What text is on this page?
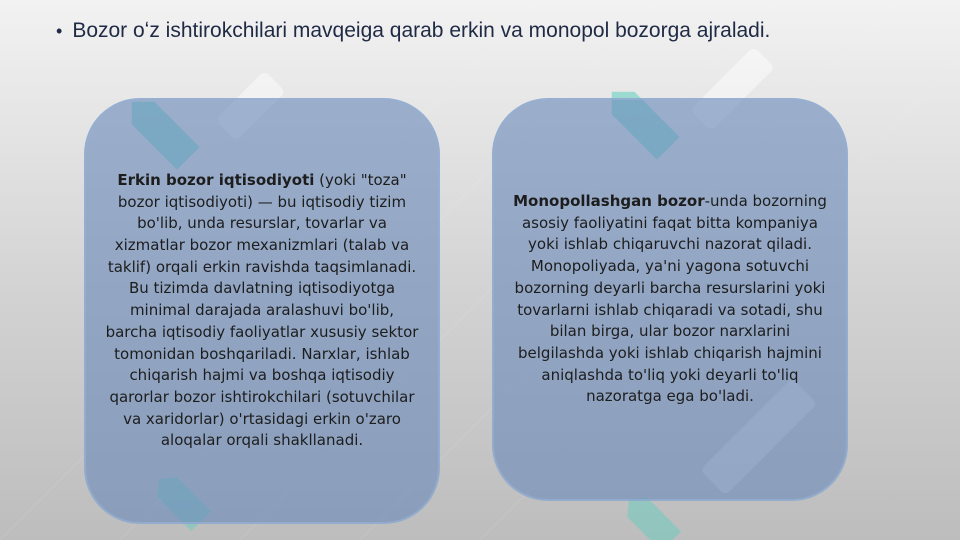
• Bozor oʻz ishtirokchilari mavqeiga qarab erkin va monopol bozorga ajraladi.
Erkin bozor iqtisodiyoti (yoki "toza" bozor iqtisodiyoti) — bu iqtisodiy tizim bo'lib, unda resurslar, tovarlar va xizmatlar bozor mexanizmlari (talab va taklif) orqali erkin ravishda taqsimlanadi. Bu tizimda davlatning iqtisodiyotga minimal darajada aralashuvi bo'lib, barcha iqtisodiy faoliyatlar xususiy sektor tomonidan boshqariladi. Narxlar, ishlab chiqarish hajmi va boshqa iqtisodiy qarorlar bozor ishtirokchilari (sotuvchilar va xaridorlar) o'rtasidagi erkin o'zaro aloqalar orqali shakllanadi.
Monopollashgan bozor-unda bozorning asosiy faoliyatini faqat bitta kompaniya yoki ishlab chiqaruvchi nazorat qiladi. Monopoliyada, ya'ni yagona sotuvchi bozorning deyarli barcha resurslarini yoki tovarlarni ishlab chiqaradi va sotadi, shu bilan birga, ular bozor narxlarini belgilashda yoki ishlab chiqarish hajmini aniqlashda to'liq yoki deyarli to'liq nazoratga ega bo'ladi.
